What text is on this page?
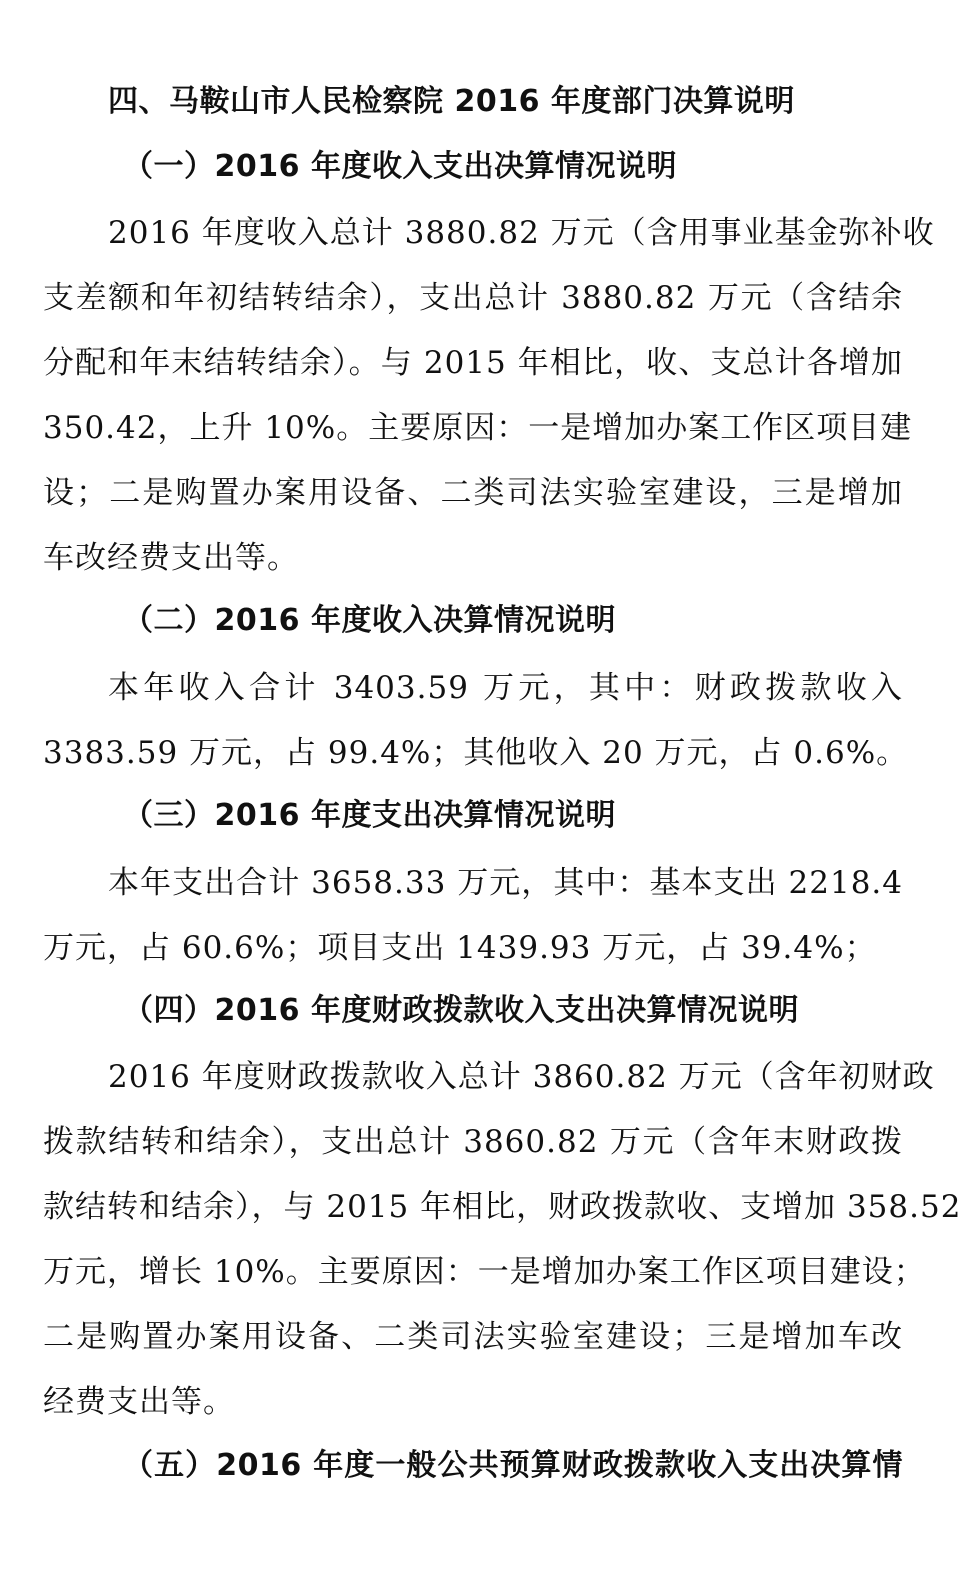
四、马鞍山市人民检察院 2016 年度部门决算说明
（一）2016 年度收入支出决算情况说明
2016 年度收入总计 3880.82 万元（含用事业基金弥补收
支差额和年初结转结余），支出总计 3880.82 万元（含结余
分配和年末结转结余）。与 2015 年相比，收、支总计各增加
350.42，上升 10%。主要原因：一是增加办案工作区项目建
设；二是购置办案用设备、二类司法实验室建设，三是增加
车改经费支出等。
（二）2016 年度收入决算情况说明
本年收入合计 3403.59 万元，其中：财政拨款收入
3383.59 万元，占 99.4%；其他收入 20 万元，占 0.6%。
（三）2016 年度支出决算情况说明
本年支出合计 3658.33 万元，其中：基本支出 2218.4
万元，占 60.6%；项目支出 1439.93 万元，占 39.4%；
（四）2016 年度财政拨款收入支出决算情况说明
2016 年度财政拨款收入总计 3860.82 万元（含年初财政
拨款结转和结余），支出总计 3860.82 万元（含年末财政拨
款结转和结余），与 2015 年相比，财政拨款收、支增加 358.52
万元，增长 10%。主要原因：一是增加办案工作区项目建设；
二是购置办案用设备、二类司法实验室建设；三是增加车改
经费支出等。
（五）2016 年度一般公共预算财政拨款收入支出决算情
